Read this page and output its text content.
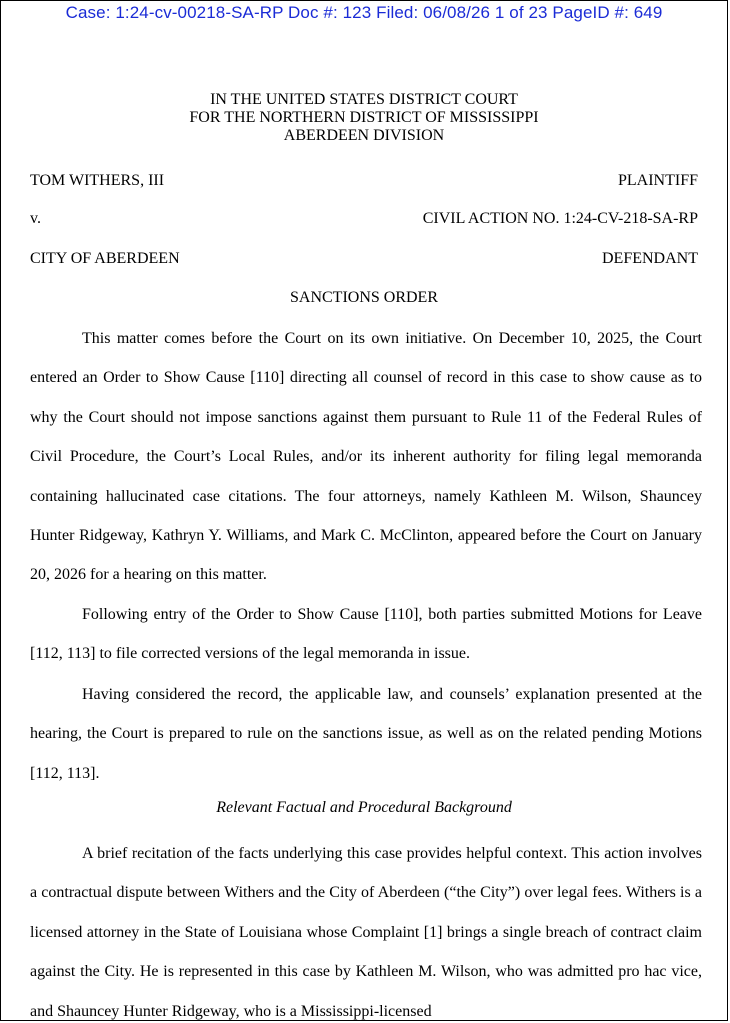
Case: 1:24-cv-00218-SA-RP Doc #: 123 Filed: 06/08/26 1 of 23 PageID #: 649
IN THE UNITED STATES DISTRICT COURT
FOR THE NORTHERN DISTRICT OF MISSISSIPPI
ABERDEEN DIVISION
TOM WITHERS, III	PLAINTIFF
v.	CIVIL ACTION NO. 1:24-CV-218-SA-RP
CITY OF ABERDEEN	DEFENDANT
SANCTIONS ORDER

This matter comes before the Court on its own initiative. On December 10, 2025, the Court entered an Order to Show Cause [110] directing all counsel of record in this case to show cause as to why the Court should not impose sanctions against them pursuant to Rule 11 of the Federal Rules of Civil Procedure, the Court’s Local Rules, and/or its inherent authority for filing legal memoranda containing hallucinated case citations. The four attorneys, namely Kathleen M. Wilson, Shauncey Hunter Ridgeway, Kathryn Y. Williams, and Mark C. McClinton, appeared before the Court on January 20, 2026 for a hearing on this matter.

Following entry of the Order to Show Cause [110], both parties submitted Motions for Leave [112, 113] to file corrected versions of the legal memoranda in issue.

Having considered the record, the applicable law, and counsels’ explanation presented at the hearing, the Court is prepared to rule on the sanctions issue, as well as on the related pending Motions [112, 113].

Relevant Factual and Procedural Background

A brief recitation of the facts underlying this case provides helpful context. This action involves a contractual dispute between Withers and the City of Aberdeen (“the City”) over legal fees. Withers is a licensed attorney in the State of Louisiana whose Complaint [1] brings a single breach of contract claim against the City. He is represented in this case by Kathleen M. Wilson, who was admitted pro hac vice, and Shauncey Hunter Ridgeway, who is a Mississippi-licensed
